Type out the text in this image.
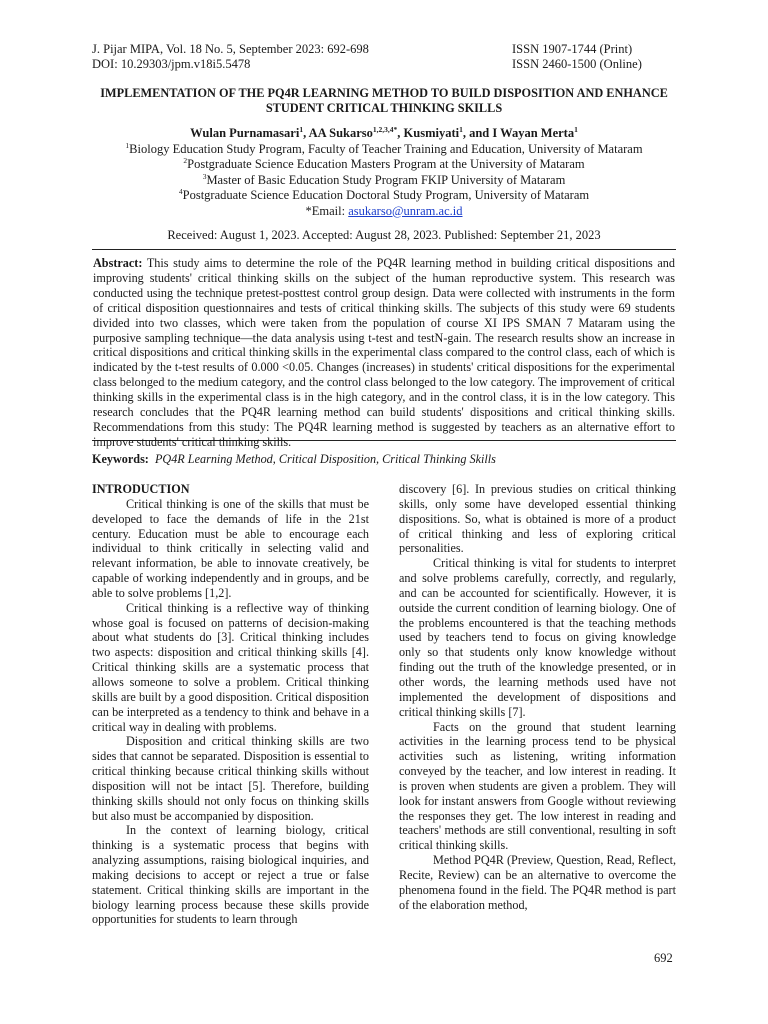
J. Pijar MIPA, Vol. 18 No. 5, September 2023: 692-698
DOI: 10.29303/jpm.v18i5.5478
ISSN 1907-1744 (Print)
ISSN 2460-1500 (Online)
IMPLEMENTATION OF THE PQ4R LEARNING METHOD TO BUILD DISPOSITION AND ENHANCE STUDENT CRITICAL THINKING SKILLS
Wulan Purnamasari$^1$, AA Sukarso$^{1,2,3,4*}$, Kusmiyati$^1$, and I Wayan Merta$^1$
$^1$Biology Education Study Program, Faculty of Teacher Training and Education, University of Mataram
$^2$Postgraduate Science Education Masters Program at the University of Mataram
$^3$Master of Basic Education Study Program FKIP University of Mataram
$^4$Postgraduate Science Education Doctoral Study Program, University of Mataram
*Email: asukarso@unram.ac.id
Received: August 1, 2023. Accepted: August 28, 2023. Published: September 21, 2023
Abstract: This study aims to determine the role of the PQ4R learning method in building critical dispositions and improving students' critical thinking skills on the subject of the human reproductive system. This research was conducted using the technique pretest-posttest control group design. Data were collected with instruments in the form of critical disposition questionnaires and tests of critical thinking skills. The subjects of this study were 69 students divided into two classes, which were taken from the population of course XI IPS SMAN 7 Mataram using the purposive sampling technique—the data analysis using t-test and testN-gain. The research results show an increase in critical dispositions and critical thinking skills in the experimental class compared to the control class, each of which is indicated by the t-test results of 0.000 <0.05. Changes (increases) in students' critical dispositions for the experimental class belonged to the medium category, and the control class belonged to the low category. The improvement of critical thinking skills in the experimental class is in the high category, and in the control class, it is in the low category. This research concludes that the PQ4R learning method can build students' dispositions and critical thinking skills. Recommendations from this study: The PQ4R learning method is suggested by teachers as an alternative effort to improve students' critical thinking skills.
Keywords: PQ4R Learning Method, Critical Disposition, Critical Thinking Skills
INTRODUCTION

Critical thinking is one of the skills that must be developed to face the demands of life in the 21st century. Education must be able to encourage each individual to think critically in selecting valid and relevant information, be able to innovate creatively, be capable of working independently and in groups, and be able to solve problems [1,2].

Critical thinking is a reflective way of thinking whose goal is focused on patterns of decision-making about what students do [3]. Critical thinking includes two aspects: disposition and critical thinking skills [4]. Critical thinking skills are a systematic process that allows someone to solve a problem. Critical thinking skills are built by a good disposition. Critical disposition can be interpreted as a tendency to think and behave in a critical way in dealing with problems.

Disposition and critical thinking skills are two sides that cannot be separated. Disposition is essential to critical thinking because critical thinking skills without disposition will not be intact [5]. Therefore, building thinking skills should not only focus on thinking skills but also must be accompanied by disposition.

In the context of learning biology, critical thinking is a systematic process that begins with analyzing assumptions, raising biological inquiries, and making decisions to accept or reject a true or false statement. Critical thinking skills are important in the biology learning process because these skills provide opportunities for students to learn through

discovery [6]. In previous studies on critical thinking skills, only some have developed essential thinking dispositions. So, what is obtained is more of a product of critical thinking and less of exploring critical personalities.

Critical thinking is vital for students to interpret and solve problems carefully, correctly, and regularly, and can be accounted for scientifically. However, it is outside the current condition of learning biology. One of the problems encountered is that the teaching methods used by teachers tend to focus on giving knowledge only so that students only know knowledge without finding out the truth of the knowledge presented, or in other words, the learning methods used have not implemented the development of dispositions and critical thinking skills [7].

Facts on the ground that student learning activities in the learning process tend to be physical activities such as listening, writing information conveyed by the teacher, and low interest in reading. It is proven when students are given a problem. They will look for instant answers from Google without reviewing the responses they get. The low interest in reading and teachers' methods are still conventional, resulting in soft critical thinking skills.

Method PQ4R (Preview, Question, Read, Reflect, Recite, Review) can be an alternative to overcome the phenomena found in the field. The PQ4R method is part of the elaboration method,

692
